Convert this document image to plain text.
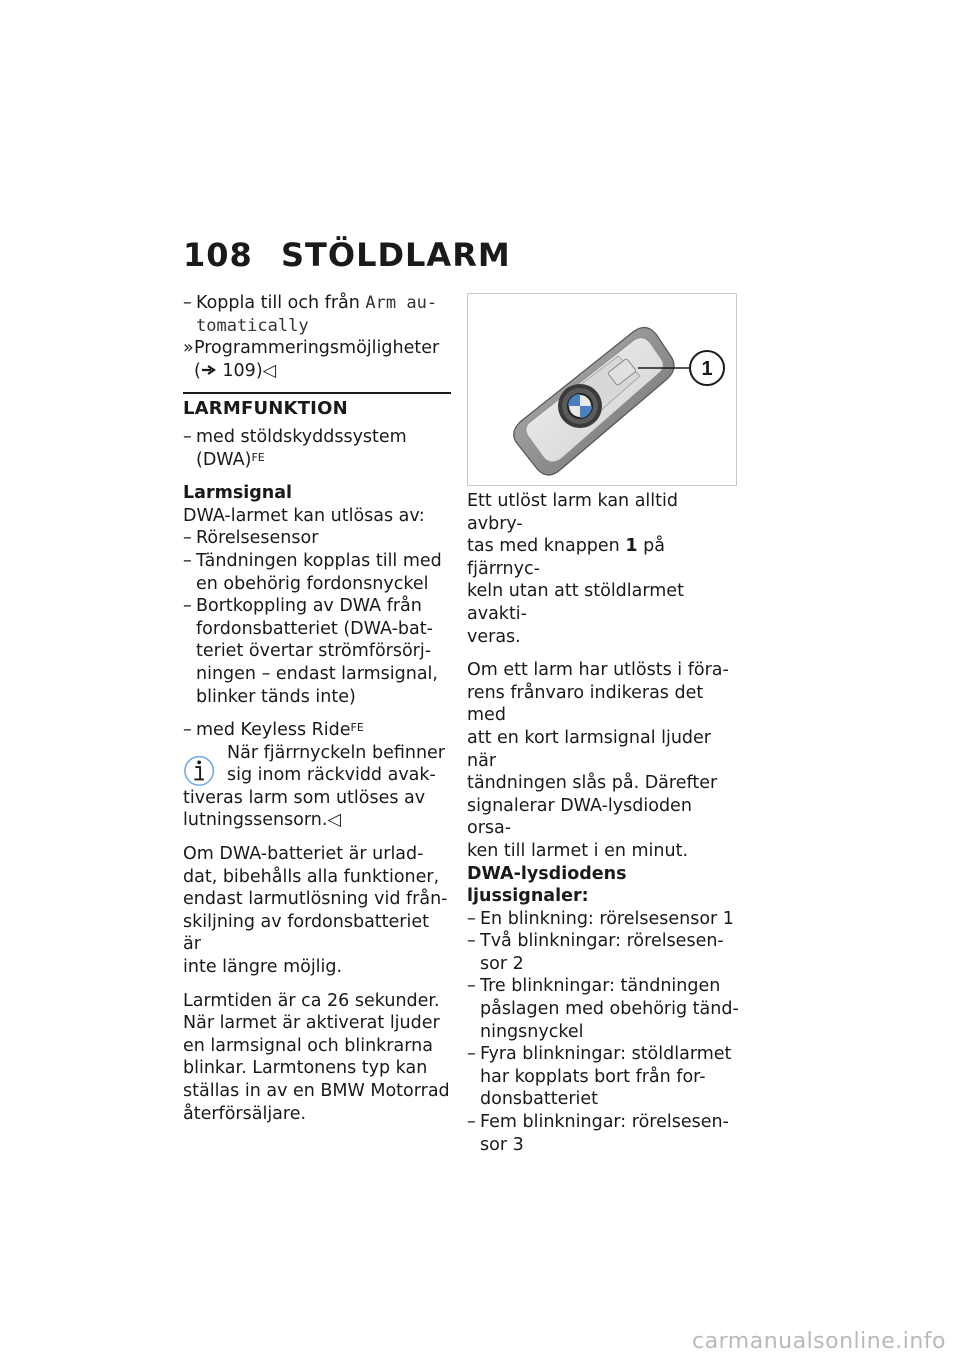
108 STÖLDLARM
– Koppla till och från Arm au-
tomatically
» Programmeringsmöjligheter
( 109)◁
LARMFUNKTION
– med stöldskyddssystem
(DWA)$^{FE}$
Larmsignal
DWA-larmet kan utlösas av:
– Rörelsesensor
– Tändningen kopplas till med
en obehörig fordonsnyckel
– Bortkoppling av DWA från
fordonsbatteriet (DWA-bat-
teriet övertar strömförsörj-
ningen – endast larmsignal,
blinker tänds inte)
– med Keyless Ride$^{FE}$
När fjärrnyckeln befinner
sig inom räckvidd avak-
tiveras larm som utlöses av
lutningssensorn.◁
Om DWA-batteriet är urlad-
dat, bibehålls alla funktioner,
endast larmutlösning vid från-
skiljning av fordonsbatteriet är
inte längre möjlig.
Larmtiden är ca 26 sekunder.
När larmet är aktiverat ljuder
en larmsignal och blinkrarna
blinkar. Larmtonens typ kan
ställas in av en BMW Motorrad
återförsäljare.
1
Ett utlöst larm kan alltid avbry-
tas med knappen 1 på fjärrnyc-
keln utan att stöldlarmet avakti-
veras.
Om ett larm har utlösts i föra-
rens frånvaro indikeras det med
att en kort larmsignal ljuder när
tändningen slås på. Därefter
signalerar DWA-lysdioden orsa-
ken till larmet i en minut.
DWA-lysdiodens ljussignaler:
– En blinkning: rörelsesensor 1
– Två blinkningar: rörelsesen-
sor 2
– Tre blinkningar: tändningen
påslagen med obehörig tänd-
ningsnyckel
– Fyra blinkningar: stöldlarmet
har kopplats bort från for-
donsbatteriet
– Fem blinkningar: rörelsesen-
sor 3
carmanualsonline.info
